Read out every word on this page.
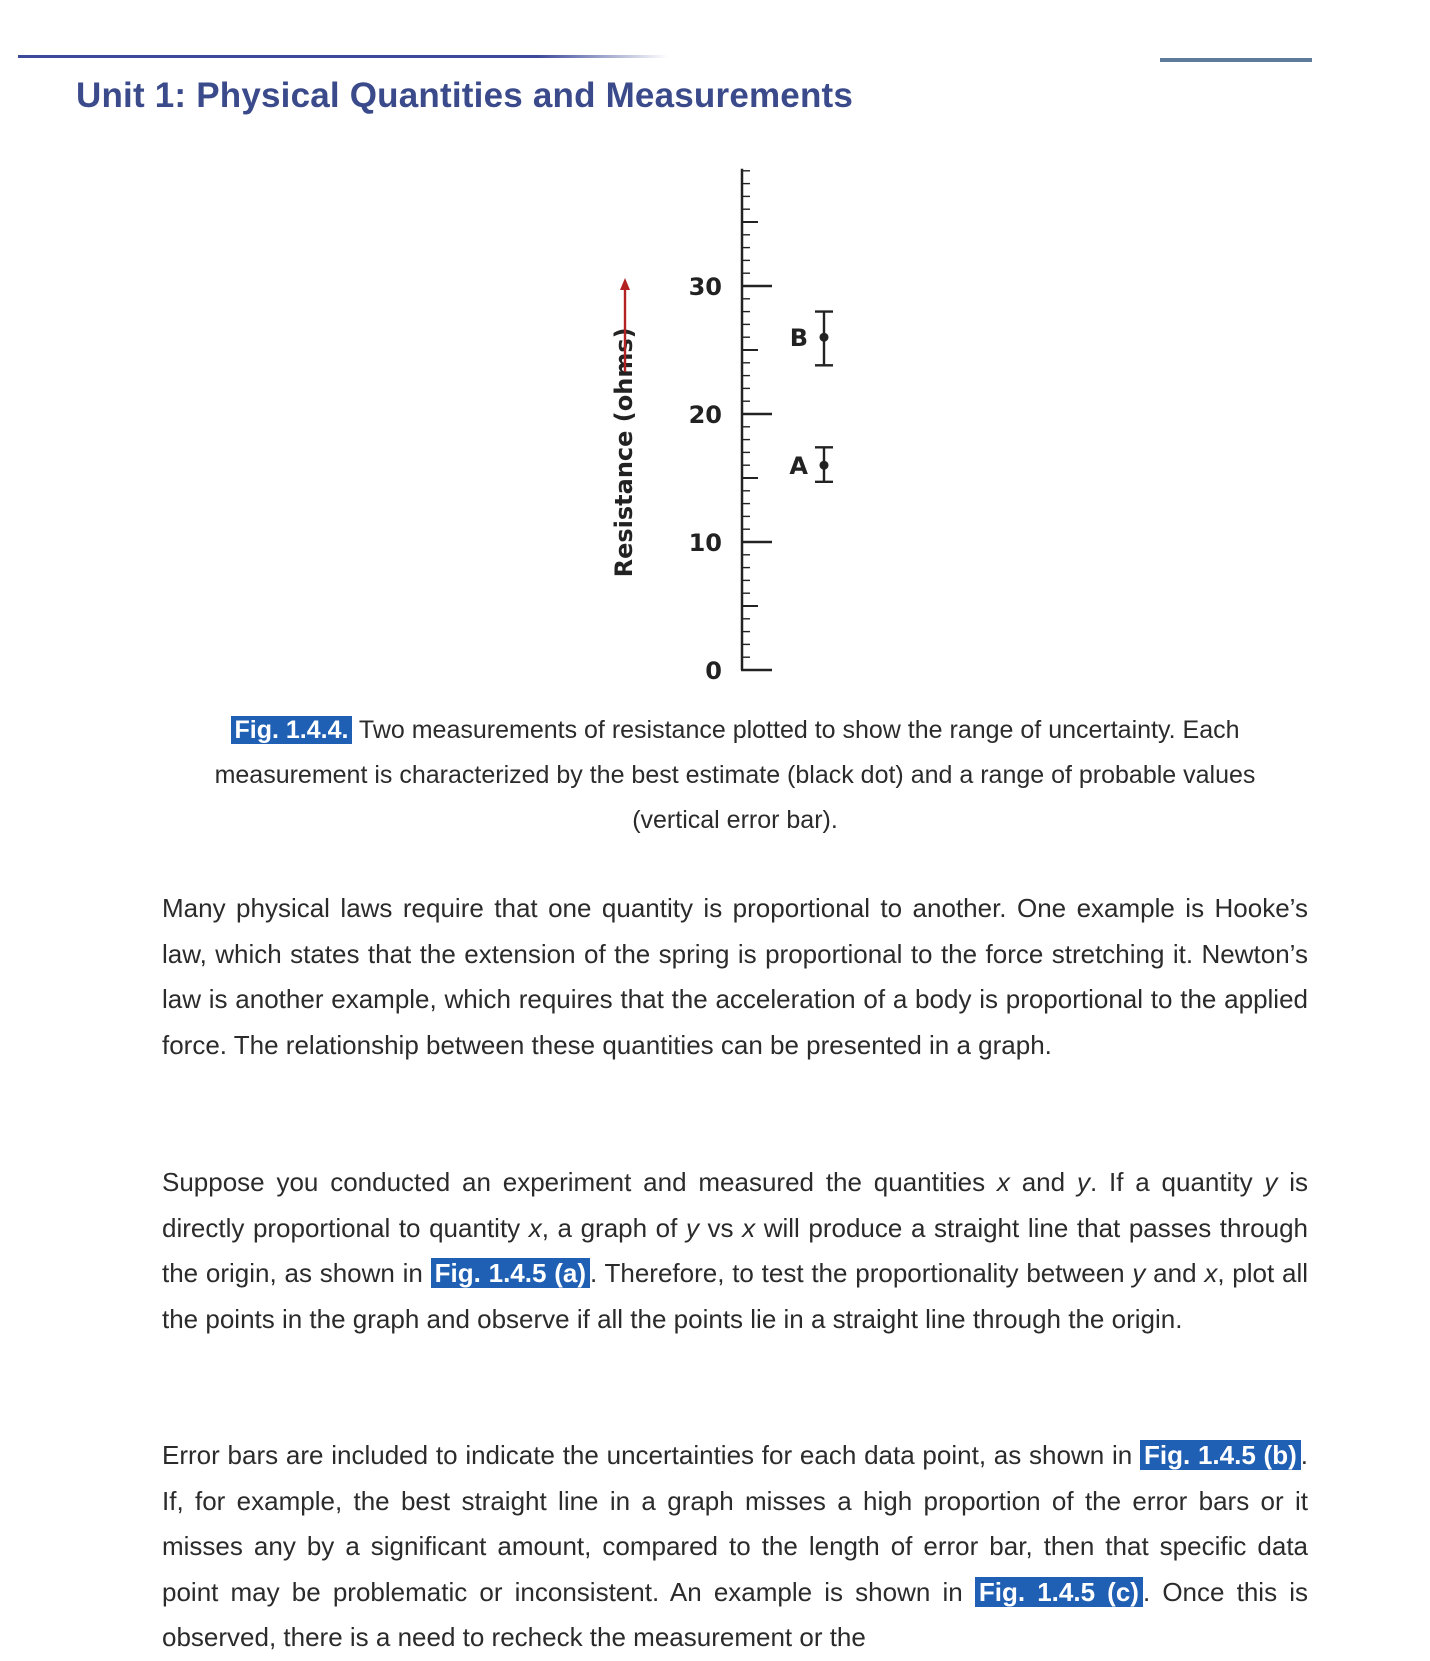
Unit 1: Physical Quantities and Measurements
0
10
20
30
Resistance (ohms)	A
B

Fig. 1.4.4. Two measurements of resistance plotted to show the range of uncertainty. Each measurement is characterized by the best estimate (black dot) and a range of probable values (vertical error bar).

Many physical laws require that one quantity is proportional to another. One example is Hooke’s law, which states that the extension of the spring is proportional to the force stretching it. Newton’s law is another example, which requires that the acceleration of a body is proportional to the applied force. The relationship between these quantities can be presented in a graph.

Suppose you conducted an experiment and measured the quantities x and y. If a quantity y is directly proportional to quantity x, a graph of y vs x will produce a straight line that passes through the origin, as shown in Fig. 1.4.5 (a) . Therefore, to test the proportionality between y and x, plot all the points in the graph and observe if all the points lie in a straight line through the origin.

Error bars are included to indicate the uncertainties for each data point, as shown in Fig. 1.4.5 (b) . If, for example, the best straight line in a graph misses a high proportion of the error bars or it misses any by a significant amount, compared to the length of error bar, then that specific data point may be problematic or inconsistent. An example is shown in Fig. 1.4.5 (c) . Once this is observed, there is a need to recheck the measurement or the
